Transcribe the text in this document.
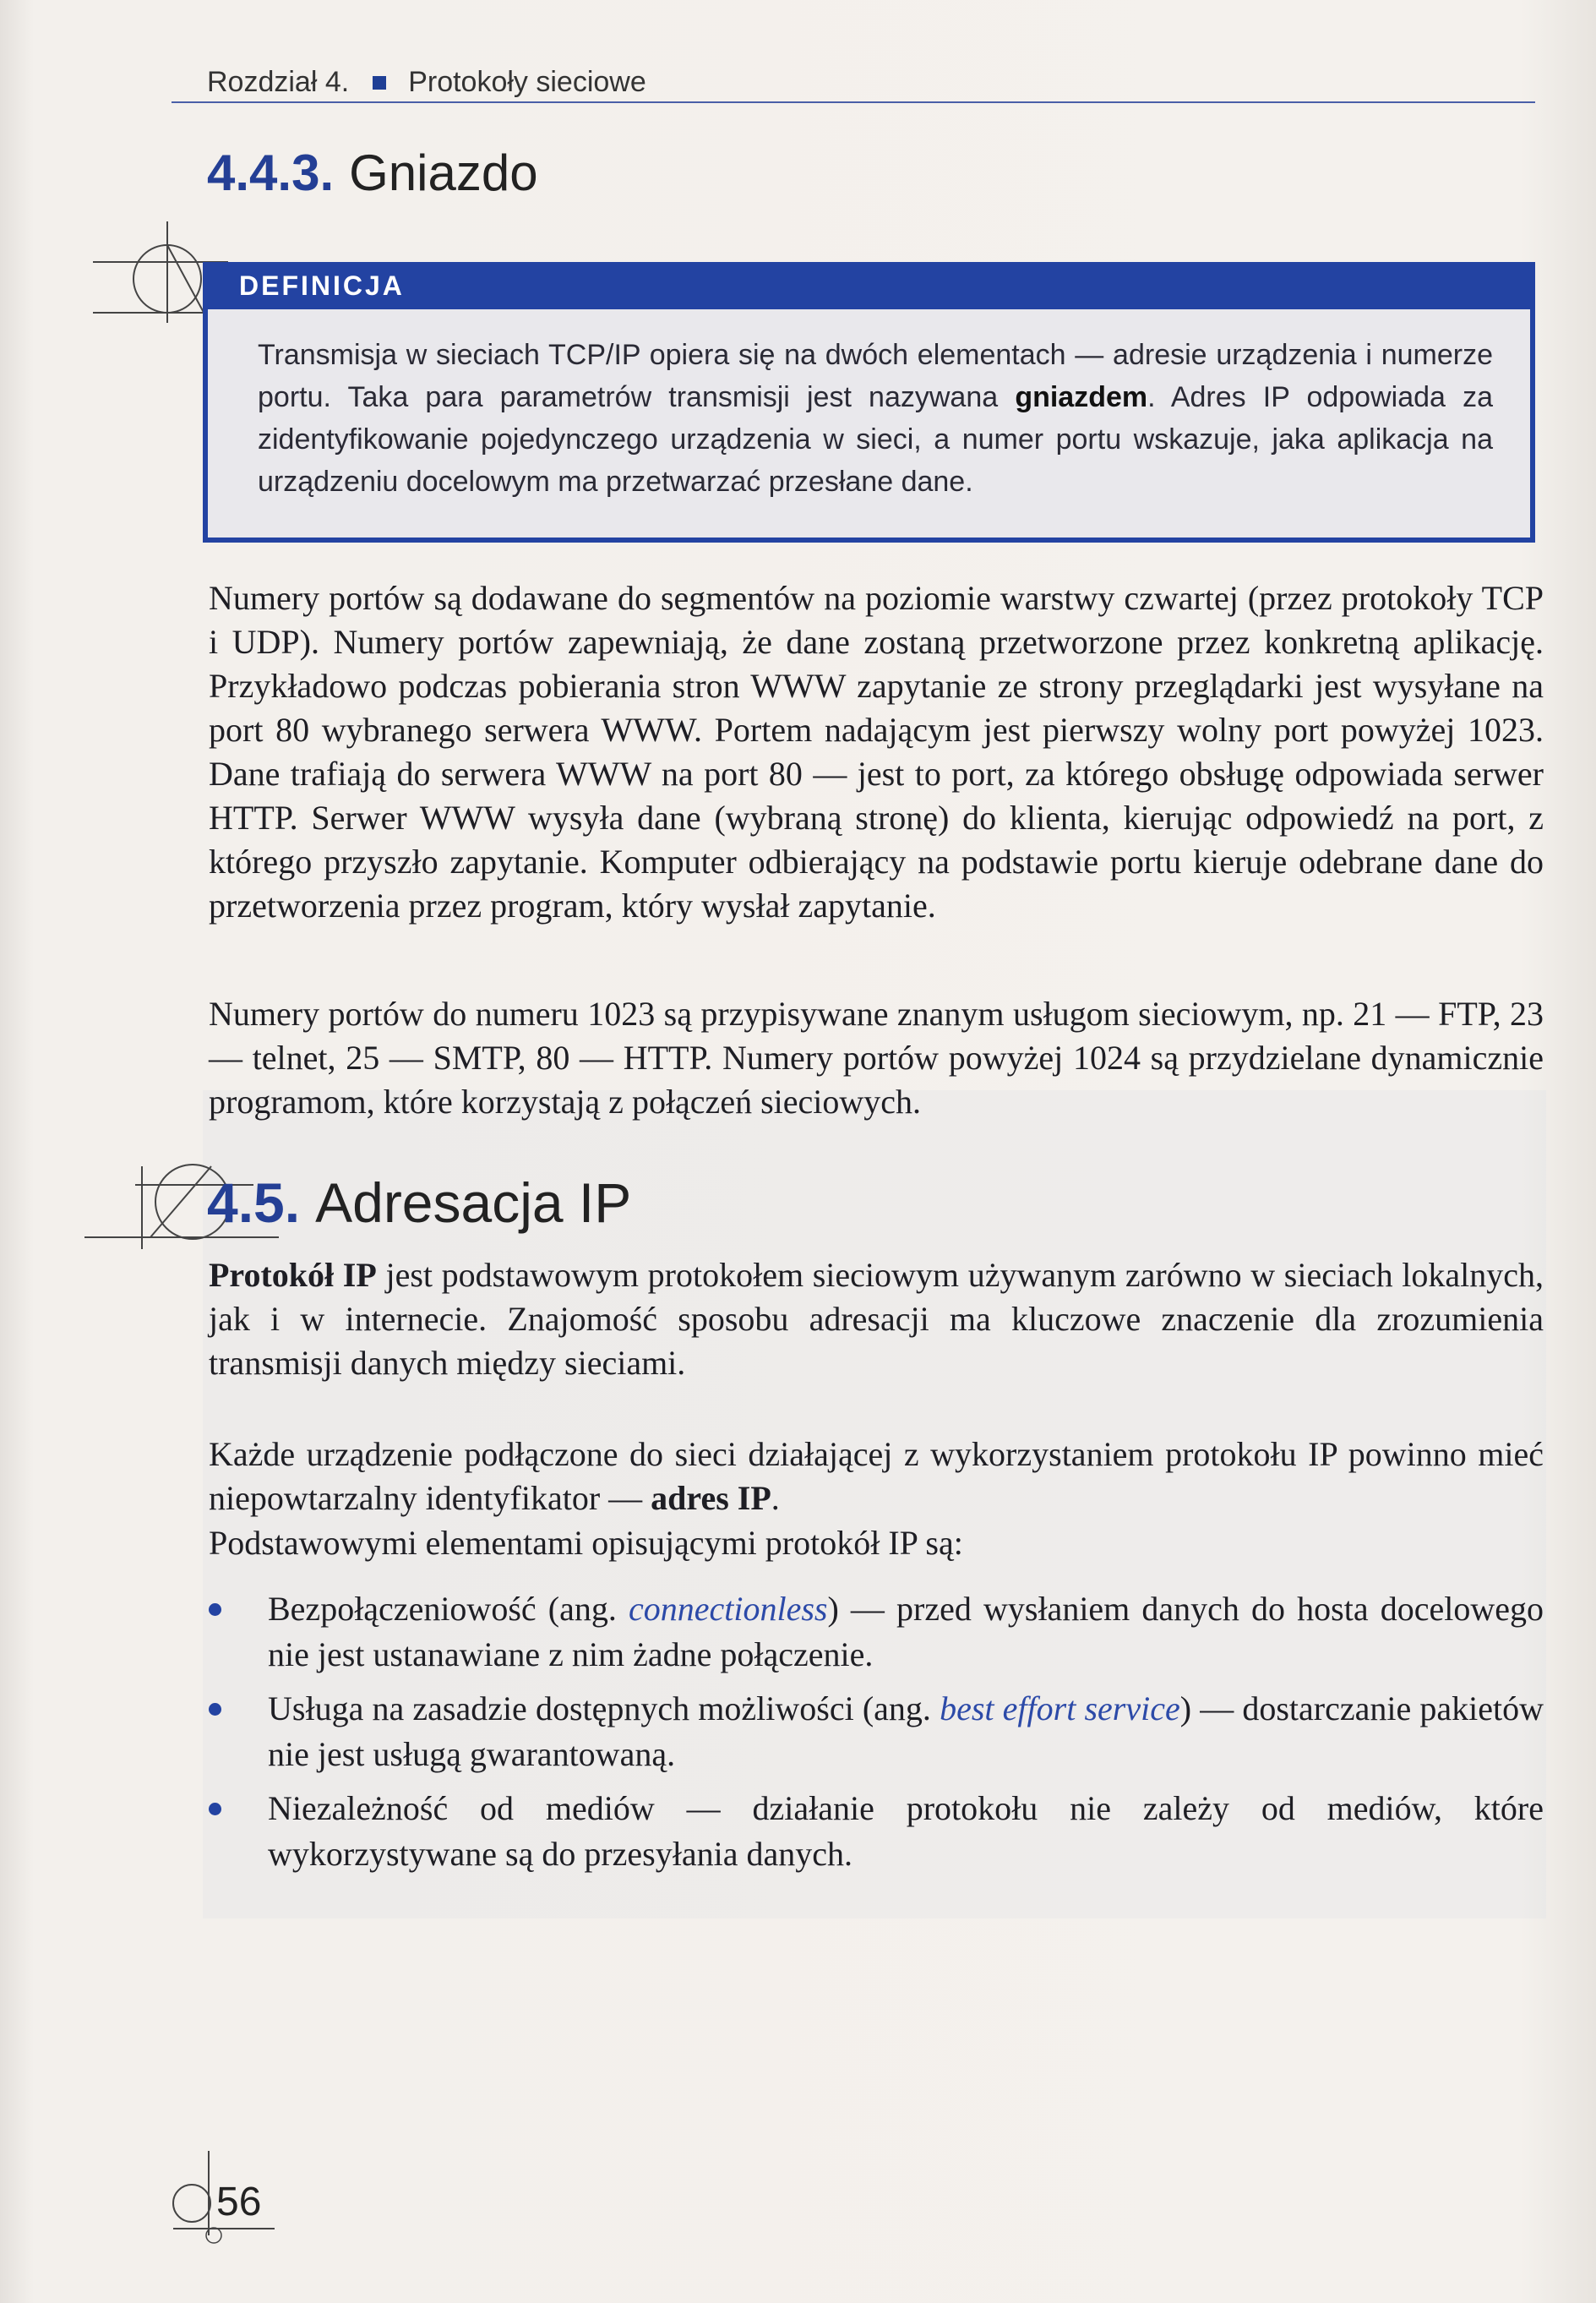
Rozdział 4. Protokoły sieciowe
4.4.3. Gniazdo
DEFINICJA
Transmisja w sieciach TCP/IP opiera się na dwóch elementach — adresie urządzenia i numerze portu. Taka para parametrów transmisji jest nazywana gniazdem. Adres IP odpowiada za zidentyfikowanie pojedynczego urządzenia w sieci, a numer portu wskazuje, jaka aplikacja na urządzeniu docelowym ma przetwarzać przesłane dane.
Numery portów są dodawane do segmentów na poziomie warstwy czwartej (przez protokoły TCP i UDP). Numery portów zapewniają, że dane zostaną przetworzone przez konkretną aplikację. Przykładowo podczas pobierania stron WWW zapytanie ze strony przeglądarki jest wysyłane na port 80 wybranego serwera WWW. Portem nadającym jest pierwszy wolny port powyżej 1023. Dane trafiają do serwera WWW na port 80 — jest to port, za którego obsługę odpowiada serwer HTTP. Serwer WWW wysyła dane (wybraną stronę) do klienta, kierując odpowiedź na port, z którego przyszło zapytanie. Komputer odbierający na podstawie portu kieruje odebrane dane do przetworzenia przez program, który wysłał zapytanie.
Numery portów do numeru 1023 są przypisywane znanym usługom sieciowym, np. 21 — FTP, 23 — telnet, 25 — SMTP, 80 — HTTP. Numery portów powyżej 1024 są przydzielane dynamicznie programom, które korzystają z połączeń sieciowych.
4.5. Adresacja IP
Protokół IP jest podstawowym protokołem sieciowym używanym zarówno w sieciach lokalnych, jak i w internecie. Znajomość sposobu adresacji ma kluczowe znaczenie dla zrozumienia transmisji danych między sieciami.
Każde urządzenie podłączone do sieci działającej z wykorzystaniem protokołu IP powinno mieć niepowtarzalny identyfikator — adres IP.
Podstawowymi elementami opisującymi protokół IP są:
Bezpołączeniowość (ang. connectionless) — przed wysłaniem danych do hosta docelowego nie jest ustanawiane z nim żadne połączenie.
Usługa na zasadzie dostępnych możliwości (ang. best effort service) — dostarczanie pakietów nie jest usługą gwarantowaną.
Niezależność od mediów — działanie protokołu nie zależy od mediów, które wykorzystywane są do przesyłania danych.
56
